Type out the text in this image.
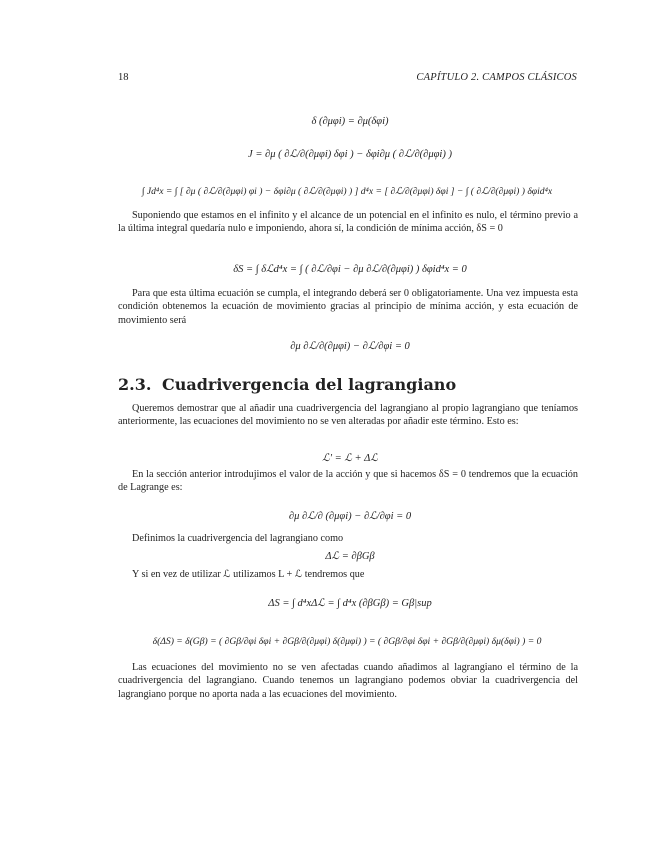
18	CAPÍTULO 2. CAMPOS CLÁSICOS
δ (∂μφi) = ∂μ(δφi)
J = ∂μ ( ∂ℒ/∂(∂μφi) δφi ) − δφi∂μ ( ∂ℒ/∂(∂μφi) )
∫ Jd⁴x = ∫ [ ∂μ ( ∂ℒ/∂(∂μφi) φi ) − δφi∂μ ( ∂ℒ/∂(∂μφi) ) ] d⁴x = [ ∂ℒ/∂(∂μφi) δφi ] − ∫ ( ∂ℒ/∂(∂μφi) ) δφid⁴x

Suponiendo que estamos en el infinito y el alcance de un potencial en el infinito es nulo, el término previo a la última integral quedaría nulo e imponiendo, ahora sí, la condición de mínima acción, δS = 0

δS = ∫ δℒd⁴x = ∫ ( ∂ℒ/∂φi − ∂μ ∂ℒ/∂(∂μφi) ) δφid⁴x = 0

Para que esta última ecuación se cumpla, el integrando deberá ser 0 obligatoriamente. Una vez impuesta esta condición obtenemos la ecuación de movimiento gracias al principio de mínima acción, y esta ecuación de movimiento será

∂μ ∂ℒ/∂(∂μφi) − ∂ℒ/∂φi = 0
2.3. Cuadrivergencia del lagrangiano

Queremos demostrar que al añadir una cuadrivergencia del lagrangiano al propio lagrangiano que teníamos anteriormente, las ecuaciones del movimiento no se ven alteradas por añadir este término. Esto es:

ℒ′ = ℒ + Δℒ

En la sección anterior introdujimos el valor de la acción y que si hacemos δS = 0 tendremos que la ecuación de Lagrange es:

∂μ ∂ℒ/∂ (∂μφi) − ∂ℒ/∂φi = 0

Definimos la cuadrivergencia del lagrangiano como

Δℒ = ∂βGβ

Y si en vez de utilizar ℒ utilizamos L + ℒ tendremos que

ΔS = ∫ d⁴xΔℒ = ∫ d⁴x (∂βGβ) = Gβ|sup
δ(ΔS) = δ(Gβ) = ( ∂Gβ/∂φi δφi + ∂Gβ/∂(∂μφi) δ(∂μφi) ) = ( ∂Gβ/∂φi δφi + ∂Gβ/∂(∂μφi) δμ(δφi) ) = 0

Las ecuaciones del movimiento no se ven afectadas cuando añadimos al lagrangiano el término de la cuadrivergencia del lagrangiano. Cuando tenemos un lagrangiano podemos obviar la cuadrivergencia del lagrangiano porque no aporta nada a las ecuaciones del movimiento.
